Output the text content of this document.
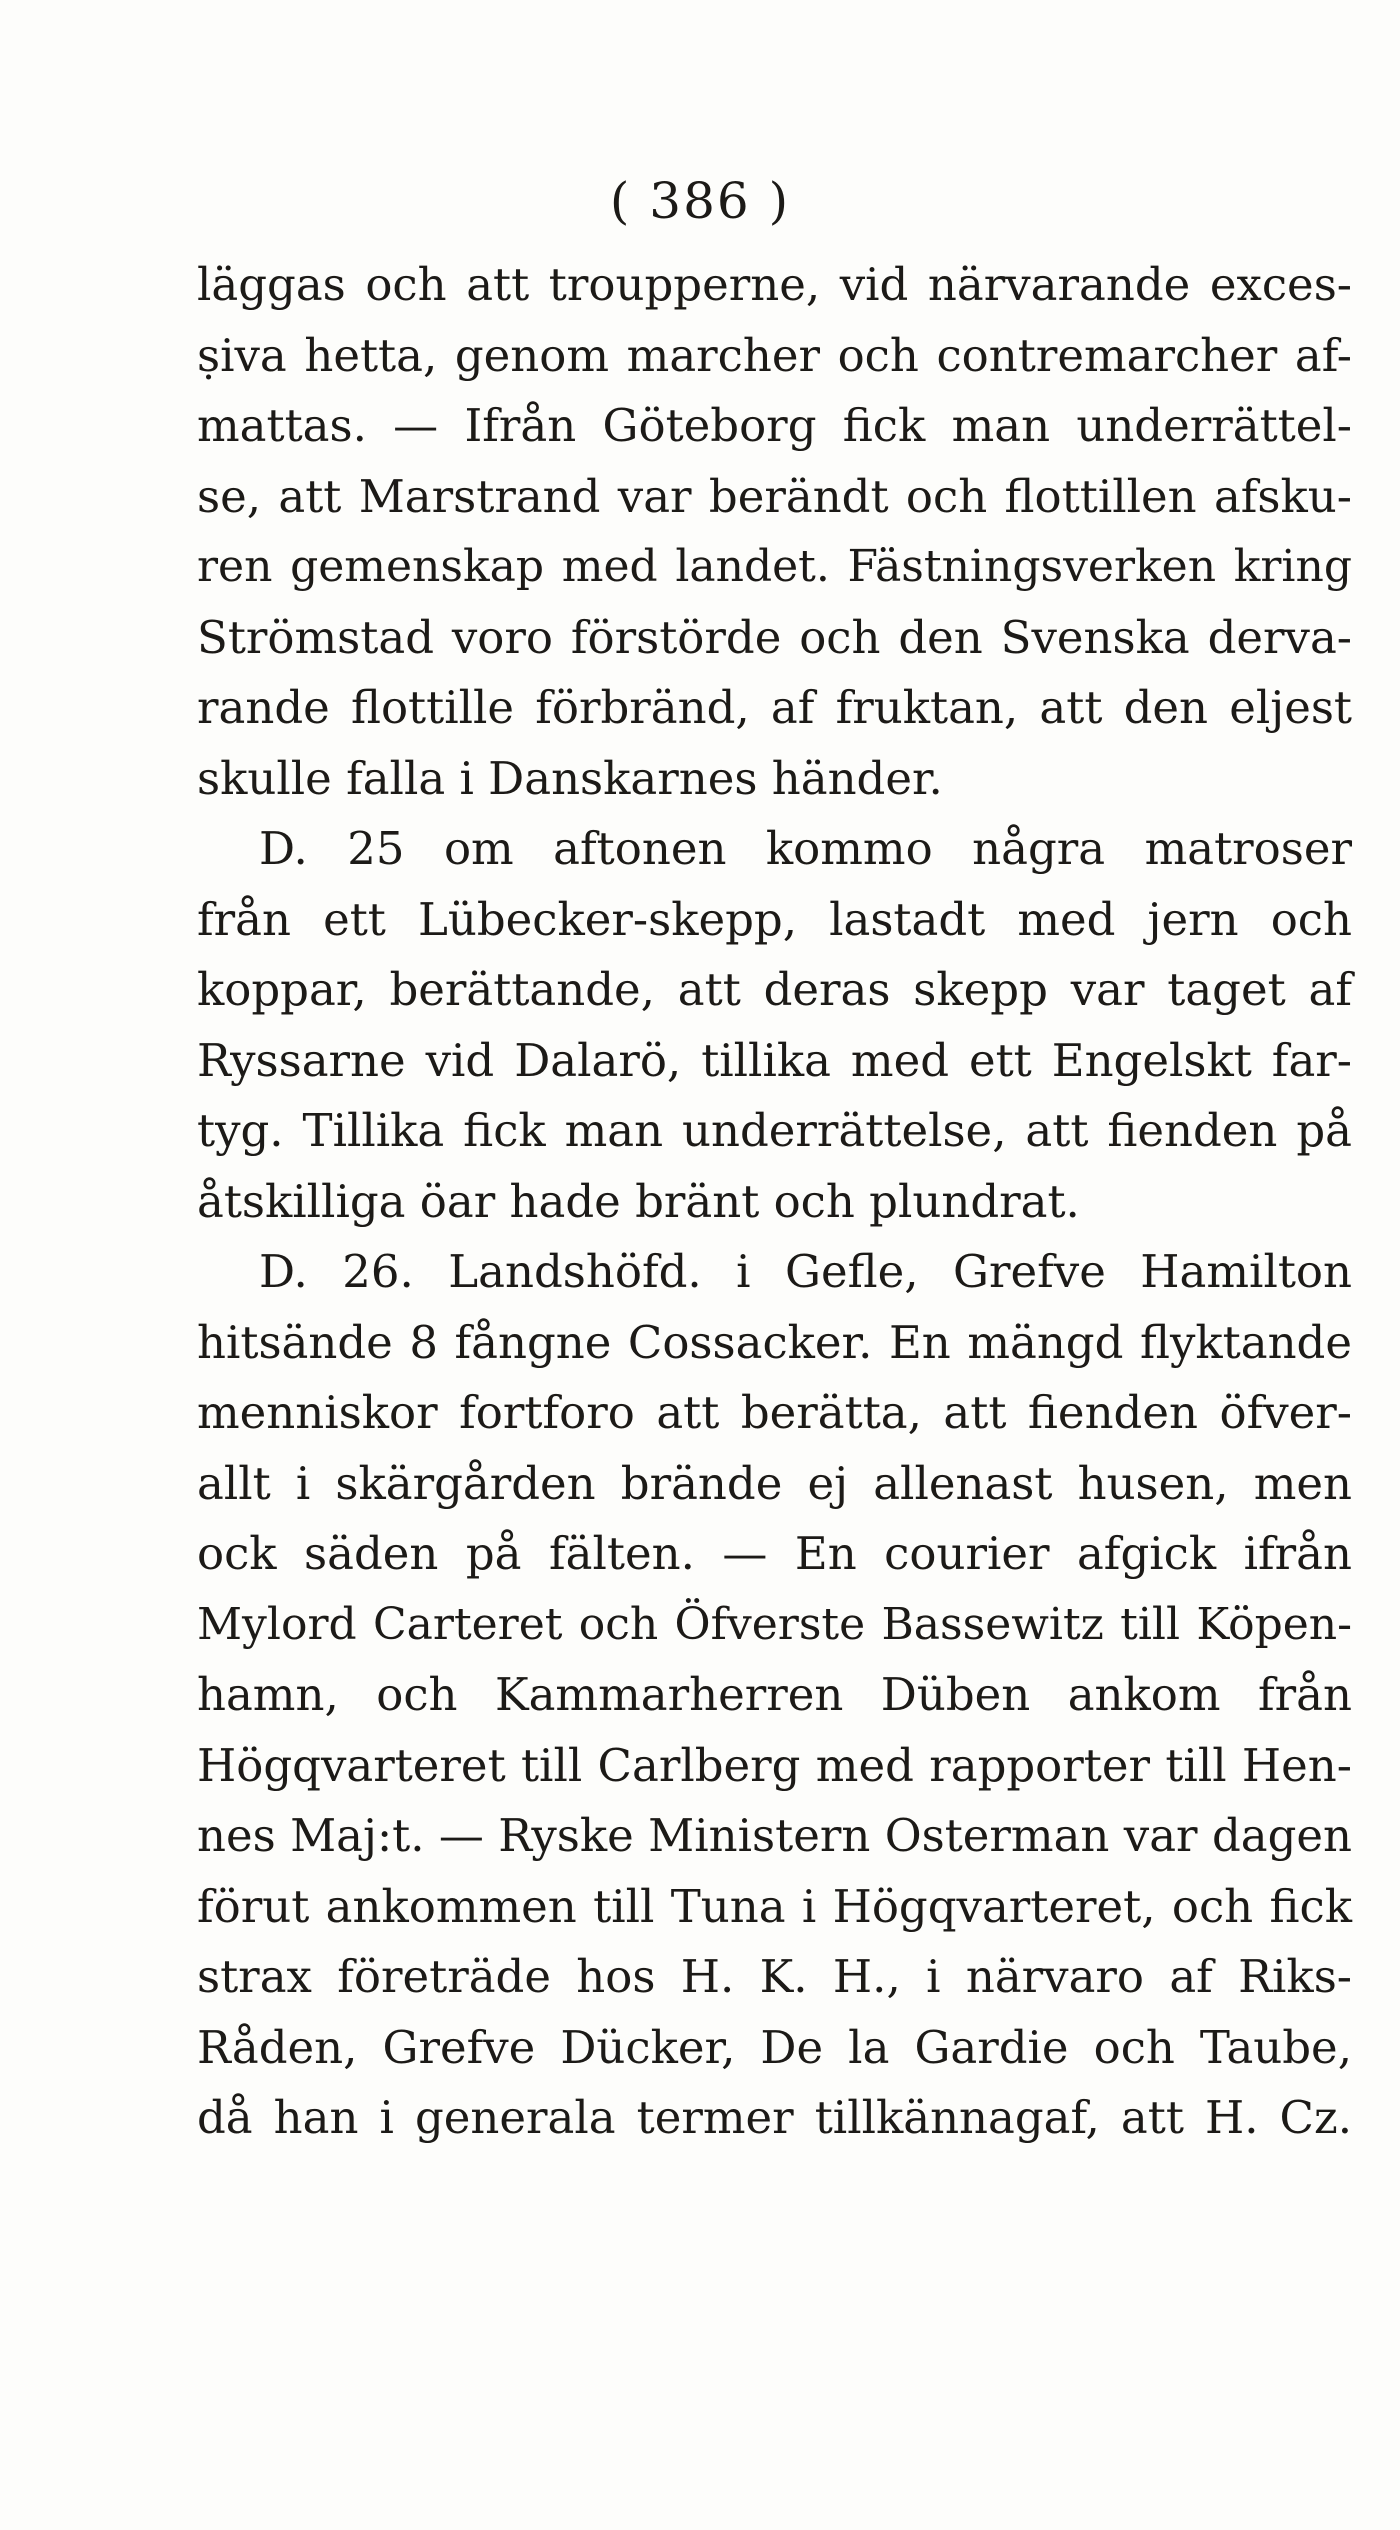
( 386 )
läggas och att troupperne, vid närvarande exces-
ṣiva hetta, genom marcher och contremarcher af-
mattas. — Ifrån Göteborg fick man underrättel-
se, att Marstrand var berändt och flottillen afsku-
ren gemenskap med landet. Fästningsverken kring
Strömstad voro förstörde och den Svenska derva-
rande flottille förbränd, af fruktan, att den eljest
skulle falla i Danskarnes händer.
D. 25 om aftonen kommo några matroser
från ett Lübecker-skepp, lastadt med jern och
koppar, berättande, att deras skepp var taget af
Ryssarne vid Dalarö, tillika med ett Engelskt far-
tyg. Tillika fick man underrättelse, att fienden på
åtskilliga öar hade bränt och plundrat.
D. 26. Landshöfd. i Gefle, Grefve Hamilton
hitsände 8 fångne Cossacker. En mängd flyktande
menniskor fortforo att berätta, att fienden öfver-
allt i skärgården brände ej allenast husen, men
ock säden på fälten. — En courier afgick ifrån
Mylord Carteret och Öfverste Bassewitz till Köpen-
hamn, och Kammarherren Düben ankom från
Högqvarteret till Carlberg med rapporter till Hen-
nes Maj:t. — Ryske Ministern Osterman var dagen
förut ankommen till Tuna i Högqvarteret, och fick
strax företräde hos H. K. H., i närvaro af Riks-
Råden, Grefve Dücker, De la Gardie och Taube,
då han i generala termer tillkännagaf, att H. Cz.
